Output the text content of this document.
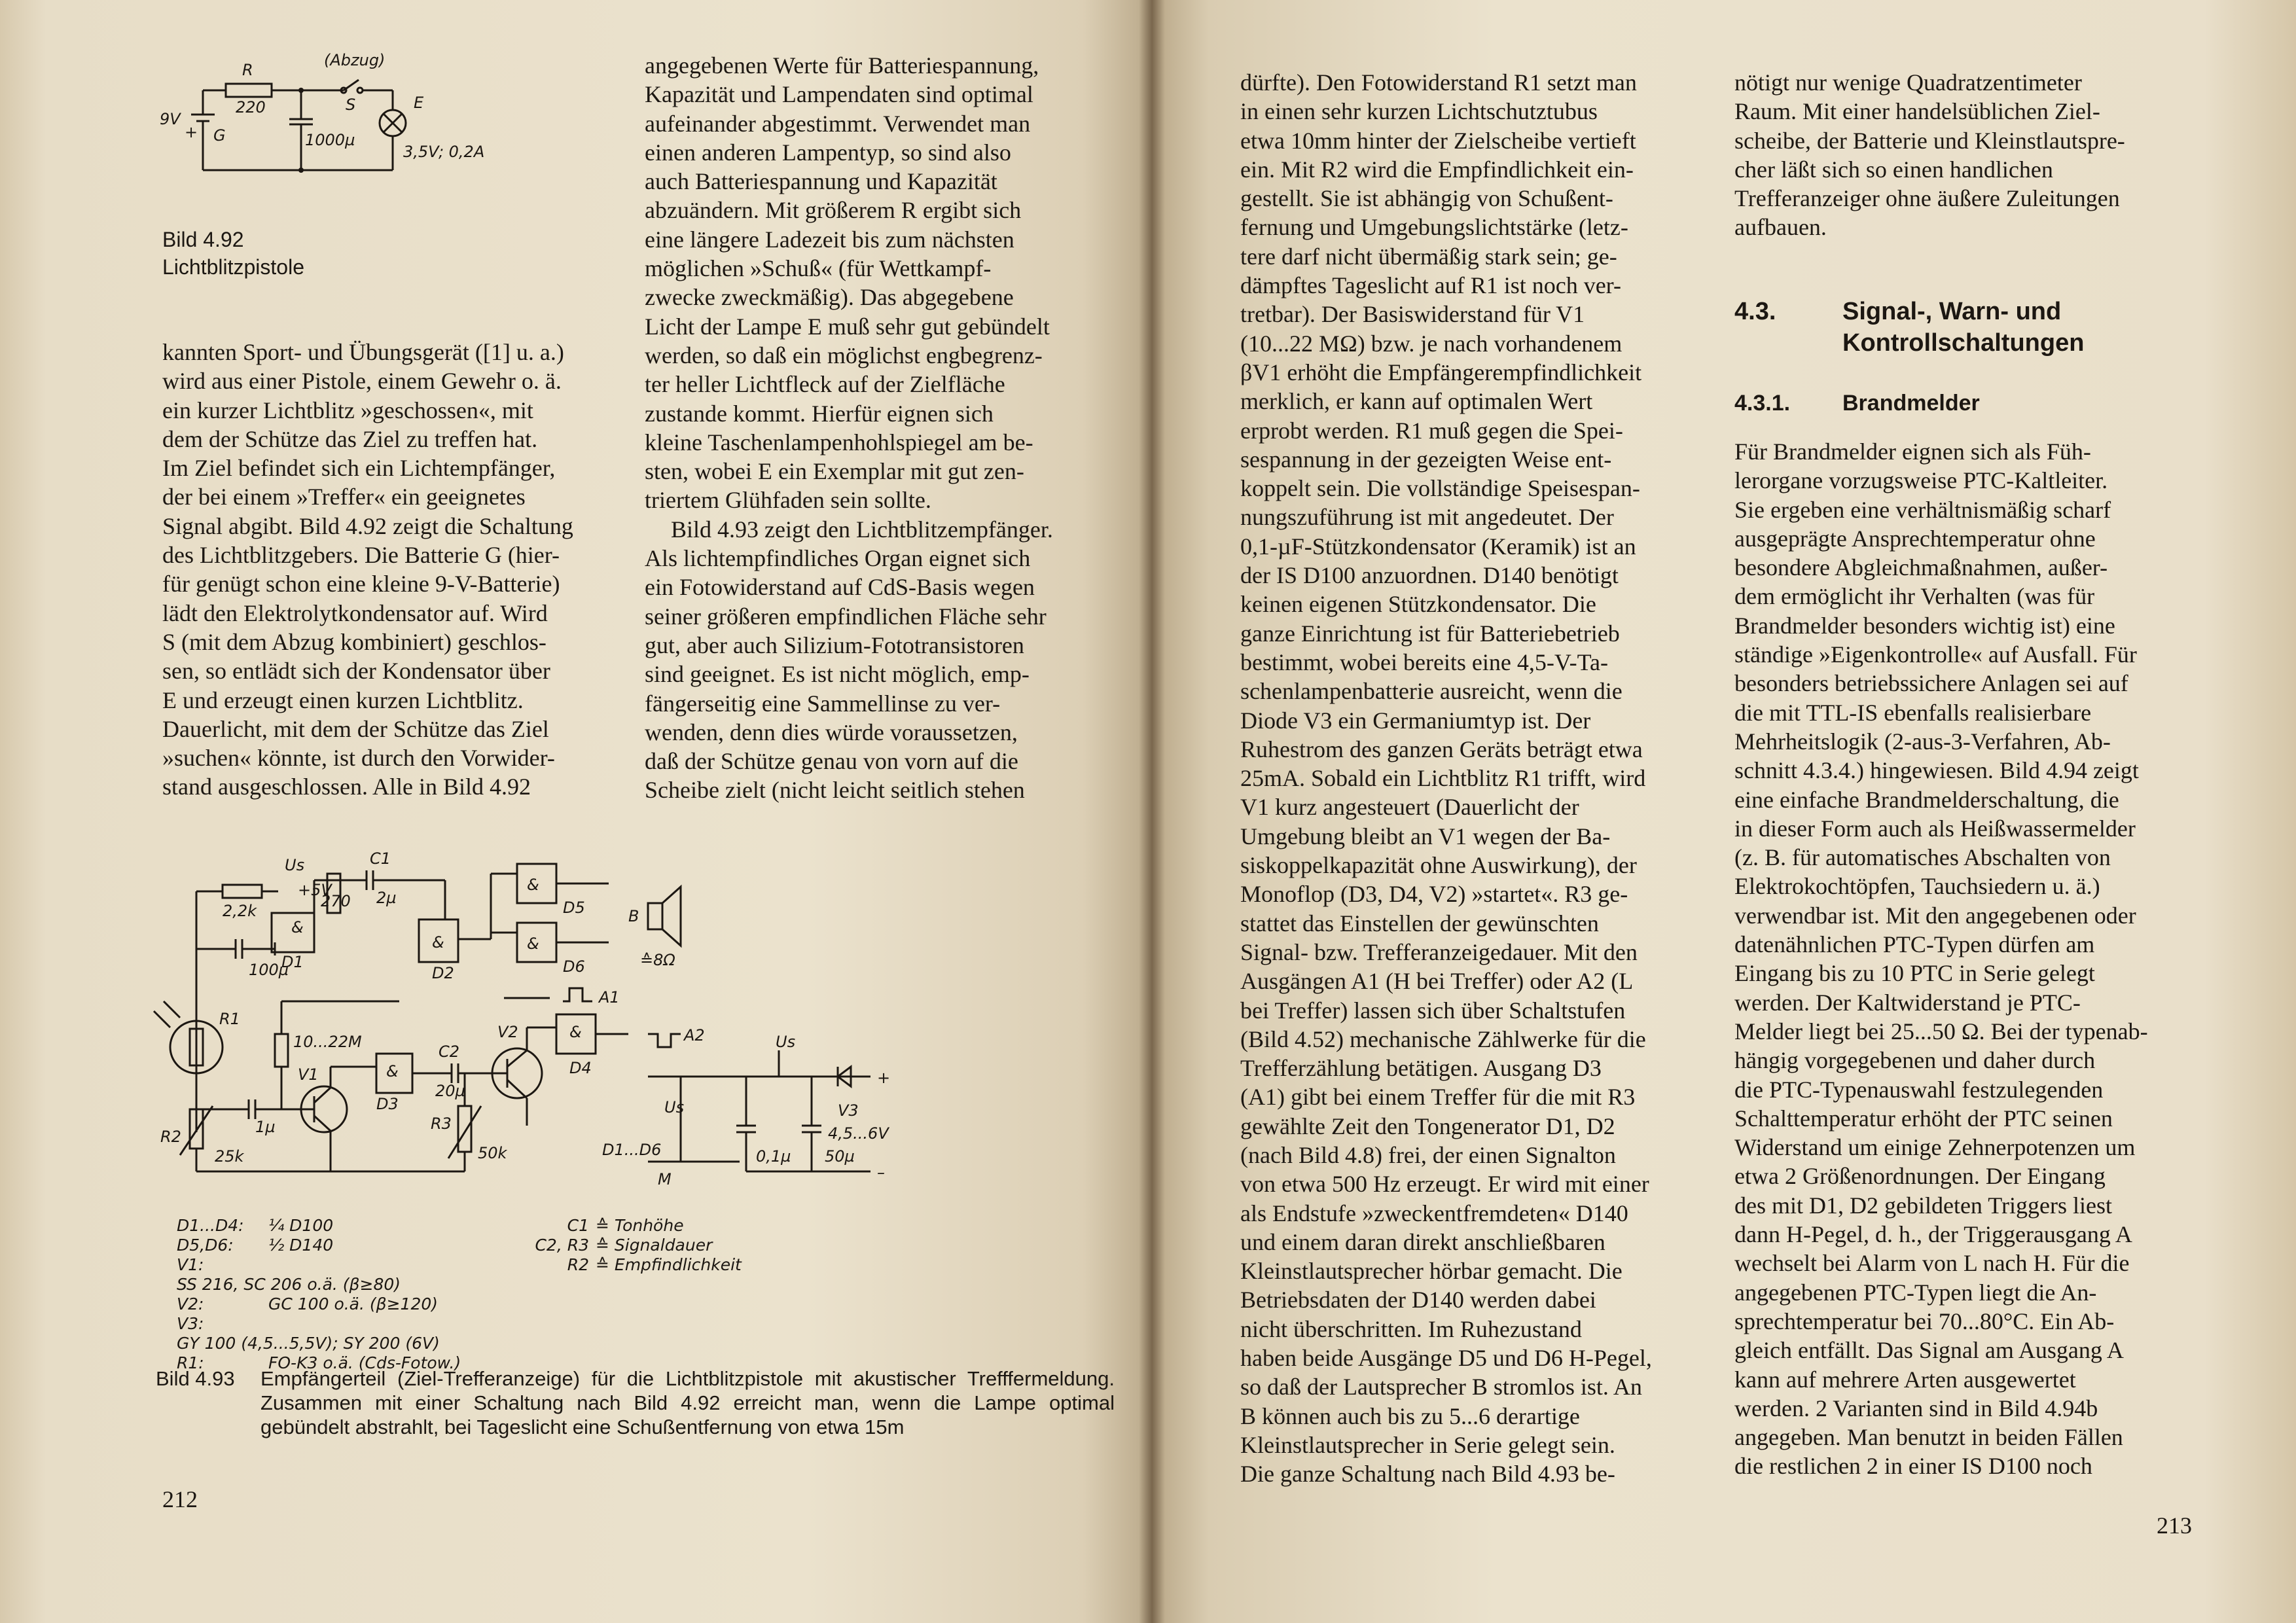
R
220
(Abzug)
S	E
1000µ
9V
G
3,5V; 0,2A
+
Bild 4.92
Lichtblitzpistole

kannten Sport- und Übungsgerät ([1] u. a.)

wird aus einer Pistole, einem Gewehr o. ä.

ein kurzer Lichtblitz »geschossen«, mit

dem der Schütze das Ziel zu treffen hat.

Im Ziel befindet sich ein Lichtempfänger,

der bei einem »Treffer« ein geeignetes

Signal abgibt. Bild 4.92 zeigt die Schaltung

des Lichtblitzgebers. Die Batterie G (hier-

für genügt schon eine kleine 9-V-Batterie)

lädt den Elektrolytkondensator auf. Wird

S (mit dem Abzug kombiniert) geschlos-

sen, so entlädt sich der Kondensator über

E und erzeugt einen kurzen Lichtblitz.

Dauerlicht, mit dem der Schütze das Ziel

»suchen« könnte, ist durch den Vorwider-

stand ausgeschlossen. Alle in Bild 4.92

angegebenen Werte für Batteriespannung,

Kapazität und Lampendaten sind optimal

aufeinander abgestimmt. Verwendet man

einen anderen Lampentyp, so sind also

auch Batteriespannung und Kapazität

abzuändern. Mit größerem R ergibt sich

eine längere Ladezeit bis zum nächsten

möglichen »Schuß« (für Wettkampf-

zwecke zweckmäßig). Das abgegebene

Licht der Lampe E muß sehr gut gebündelt

werden, so daß ein möglichst engbegrenz-

ter heller Lichtfleck auf der Zielfläche

zustande kommt. Hierfür eignen sich

kleine Taschenlampenhohlspiegel am be-

sten, wobei E ein Exemplar mit gut zen-

triertem Glühfaden sein sollte.

Bild 4.93 zeigt den Lichtblitzempfänger.

Als lichtempfindliches Organ eignet sich

ein Fotowiderstand auf CdS-Basis wegen

seiner größeren empfindlichen Fläche sehr

gut, aber auch Silizium-Fototransistoren

sind geeignet. Es ist nicht möglich, emp-

fängerseitig eine Sammellinse zu ver-

wenden, denn dies würde voraussetzen,

daß der Schütze genau von vorn auf die

Scheibe zielt (nicht leicht seitlich stehen

Us
+5V
C1
2µ
270
&
D1
&
D2
&
D5
&
D6
B
≙8Ω
A1
A2
2,2k
100µ
R1
10...22M
V1	&
D3
C2
20µ
V2	&
D4
1µ
R2
25k
R3
50k	D1...D6
Us
Us
M
0,1µ 50µ
V3
+
–
4,5...6V
D1...D4: ¼ D100
D5,D6: ½ D140
V1:SS 216, SC 206 o.ä. (β≥80)
V2:	GC 100 o.ä. (β≥120)
V3:GY 100 (4,5...5,5V); SY 200 (6V)
R1:	FO-K3 o.ä. (Cds-Fotow.)
C1 ≙ Tonhöhe
C2, R3 ≙ Signaldauer
R2 ≙ Empfindlichkeit
Bild 4.93 Empfängerteil (Ziel-Trefferanzeige) für die Lichtblitzpistole mit akustischer Trefffermeldung. Zusammen mit einer Schaltung nach Bild 4.92 erreicht man, wenn die Lampe optimal gebündelt abstrahlt, bei Tageslicht eine Schußentfernung von etwa 15m
212

dürfte). Den Fotowiderstand R1 setzt man

in einen sehr kurzen Lichtschutztubus

etwa 10mm hinter der Zielscheibe vertieft

ein. Mit R2 wird die Empfindlichkeit ein-

gestellt. Sie ist abhängig von Schußent-

fernung und Umgebungslichtstärke (letz-

tere darf nicht übermäßig stark sein; ge-

dämpftes Tageslicht auf R1 ist noch ver-

tretbar). Der Basiswiderstand für V1

(10...22 MΩ) bzw. je nach vorhandenem

βV1 erhöht die Empfängerempfindlichkeit

merklich, er kann auf optimalen Wert

erprobt werden. R1 muß gegen die Spei-

sespannung in der gezeigten Weise ent-

koppelt sein. Die vollständige Speisespan-

nungszuführung ist mit angedeutet. Der

0,1-µF-Stützkondensator (Keramik) ist an

der IS D100 anzuordnen. D140 benötigt

keinen eigenen Stützkondensator. Die

ganze Einrichtung ist für Batteriebetrieb

bestimmt, wobei bereits eine 4,5-V-Ta-

schenlampenbatterie ausreicht, wenn die

Diode V3 ein Germaniumtyp ist. Der

Ruhestrom des ganzen Geräts beträgt etwa

25mA. Sobald ein Lichtblitz R1 trifft, wird

V1 kurz angesteuert (Dauerlicht der

Umgebung bleibt an V1 wegen der Ba-

siskoppelkapazität ohne Auswirkung), der

Monoflop (D3, D4, V2) »startet«. R3 ge-

stattet das Einstellen der gewünschten

Signal- bzw. Trefferanzeigedauer. Mit den

Ausgängen A1 (H bei Treffer) oder A2 (L

bei Treffer) lassen sich über Schaltstufen

(Bild 4.52) mechanische Zählwerke für die

Trefferzählung betätigen. Ausgang D3

(A1) gibt bei einem Treffer für die mit R3

gewählte Zeit den Tongenerator D1, D2

(nach Bild 4.8) frei, der einen Signalton

von etwa 500 Hz erzeugt. Er wird mit einer

als Endstufe »zweckentfremdeten« D140

und einem daran direkt anschließbaren

Kleinstlautsprecher hörbar gemacht. Die

Betriebsdaten der D140 werden dabei

nicht überschritten. Im Ruhezustand

haben beide Ausgänge D5 und D6 H-Pegel,

so daß der Lautsprecher B stromlos ist. An

B können auch bis zu 5...6 derartige

Kleinstlautsprecher in Serie gelegt sein.

Die ganze Schaltung nach Bild 4.93 be-

nötigt nur wenige Quadratzentimeter

Raum. Mit einer handelsüblichen Ziel-

scheibe, der Batterie und Kleinstlautspre-

cher läßt sich so einen handlichen

Trefferanzeiger ohne äußere Zuleitungen

aufbauen.

4.3.	Signal-, Warn- und
Kontrollschaltungen
4.3.1. Brandmelder

Für Brandmelder eignen sich als Füh-

lerorgane vorzugsweise PTC-Kaltleiter.

Sie ergeben eine verhältnismäßig scharf

ausgeprägte Ansprechtemperatur ohne

besondere Abgleichmaßnahmen, außer-

dem ermöglicht ihr Verhalten (was für

Brandmelder besonders wichtig ist) eine

ständige »Eigenkontrolle« auf Ausfall. Für

besonders betriebssichere Anlagen sei auf

die mit TTL-IS ebenfalls realisierbare

Mehrheitslogik (2-aus-3-Verfahren, Ab-

schnitt 4.3.4.) hingewiesen. Bild 4.94 zeigt

eine einfache Brandmelderschaltung, die

in dieser Form auch als Heißwassermelder

(z. B. für automatisches Abschalten von

Elektrokochtöpfen, Tauchsiedern u. ä.)

verwendbar ist. Mit den angegebenen oder

datenähnlichen PTC-Typen dürfen am

Eingang bis zu 10 PTC in Serie gelegt

werden. Der Kaltwiderstand je PTC-

Melder liegt bei 25...50 Ω. Bei der typenab-

hängig vorgegebenen und daher durch

die PTC-Typenauswahl festzulegenden

Schalttemperatur erhöht der PTC seinen

Widerstand um einige Zehnerpotenzen um

etwa 2 Größenordnungen. Der Eingang

des mit D1, D2 gebildeten Triggers liest

dann H-Pegel, d. h., der Triggerausgang A

wechselt bei Alarm von L nach H. Für die

angegebenen PTC-Typen liegt die An-

sprechtemperatur bei 70...80°C. Ein Ab-

gleich entfällt. Das Signal am Ausgang A

kann auf mehrere Arten ausgewertet

werden. 2 Varianten sind in Bild 4.94b

angegeben. Man benutzt in beiden Fällen

die restlichen 2 in einer IS D100 noch

213
